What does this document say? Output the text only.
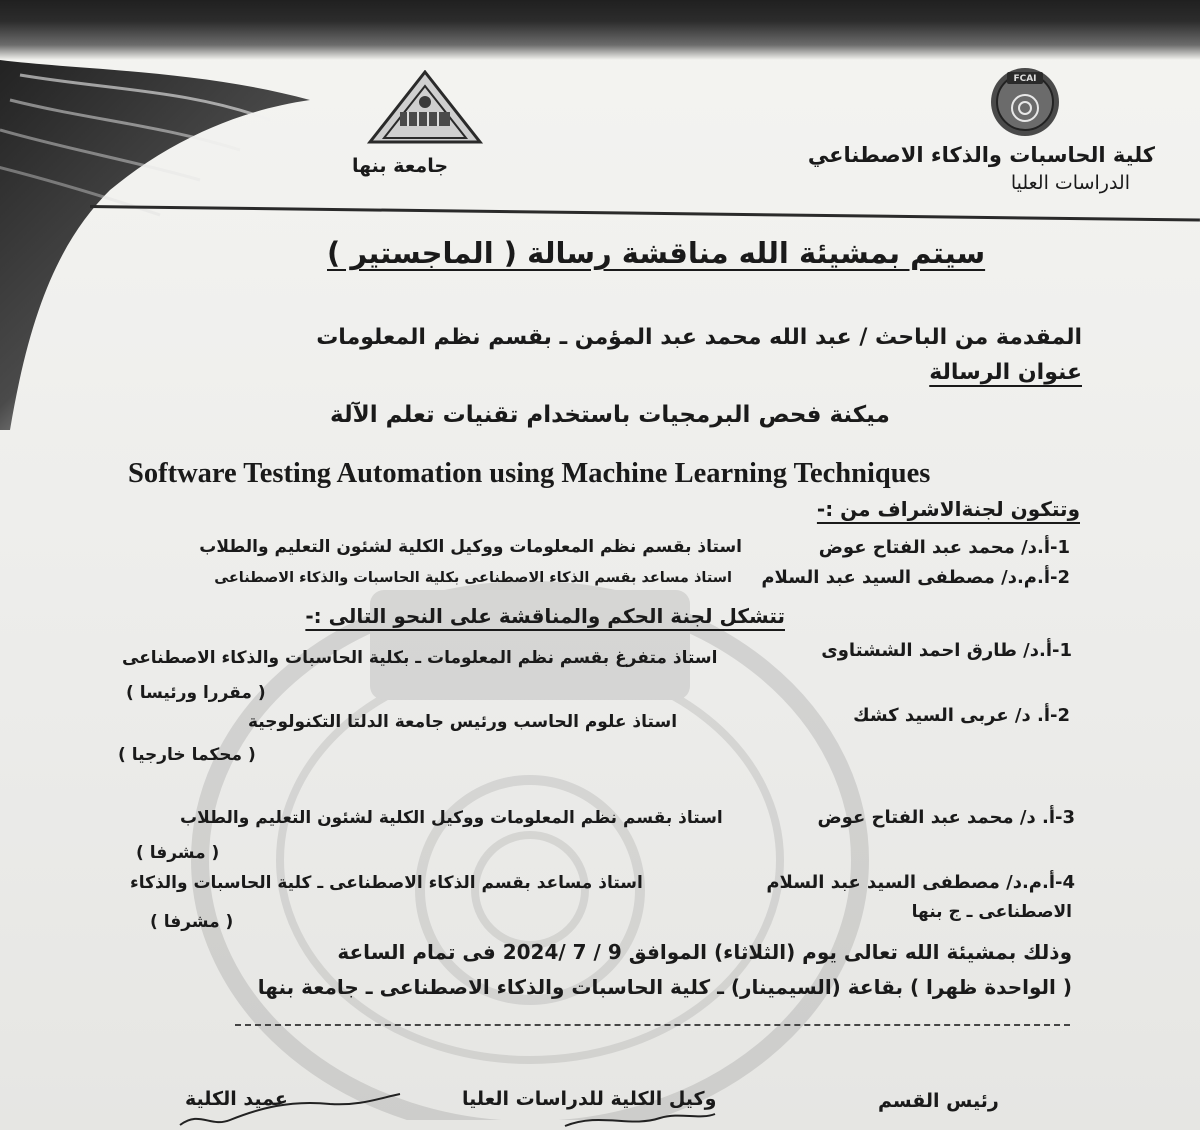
FCAI
كلية الحاسبات والذكاء الاصطناعي
الدراسات العليا
جامعة بنها
سيتم بمشيئة الله مناقشة رسالة ( الماجستير )
المقدمة من الباحث / عبد الله محمد عبد المؤمن ـ بقسم نظم المعلومات
عنوان الرسالة
ميكنة فحص البرمجيات باستخدام تقنيات تعلم الآلة
Software Testing Automation using Machine Learning Techniques
وتتكون لجنةالاشراف من :-
1-أ.د/ محمد عبد الفتاح عوض
استاذ بقسم نظم المعلومات ووكيل الكلية لشئون التعليم والطلاب
2-أ.م.د/ مصطفى السيد عبد السلام
استاذ مساعد بقسم الذكاء الاصطناعى بكلية الحاسبات والذكاء الاصطناعى
تتشكل لجنة الحكم والمناقشة على النحو التالى :-
1-أ.د/ طارق احمد الششتاوى
استاذ متفرغ بقسم نظم المعلومات ـ بكلية الحاسبات والذكاء الاصطناعى
( مقررا ورئيسا )
2-أ. د/ عربى السيد كشك
استاذ علوم الحاسب ورئيس جامعة الدلتا التكنولوجية
( محكما خارجيا )
3-أ. د/ محمد عبد الفتاح عوض
استاذ بقسم نظم المعلومات ووكيل الكلية لشئون التعليم والطلاب
( مشرفا )
4-أ.م.د/ مصطفى السيد عبد السلام
استاذ مساعد بقسم الذكاء الاصطناعى ـ كلية الحاسبات والذكاء
الاصطناعى ـ ج بنها
( مشرفا )
وذلك بمشيئة الله تعالى يوم (الثلاثاء) الموافق 9 / 7 /2024 فى تمام الساعة
( الواحدة ظهرا ) بقاعة (السيمينار) ـ كلية الحاسبات والذكاء الاصطناعى ـ جامعة بنها
رئيس القسم
وكيل الكلية للدراسات العليا
عميد الكلية
